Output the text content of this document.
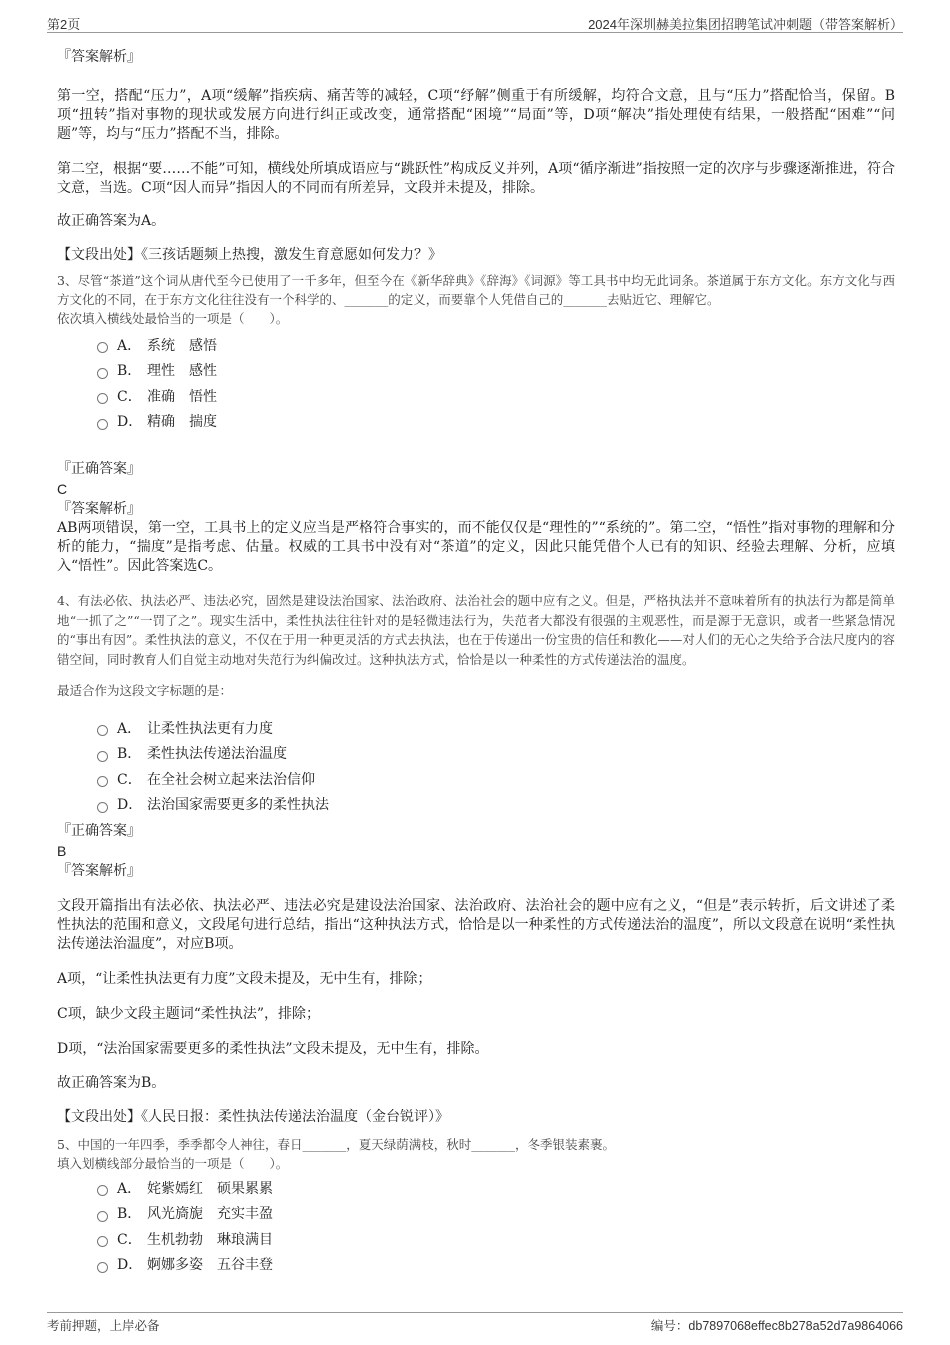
第2页	2024年深圳赫美拉集团招聘笔试冲刺题（带答案解析）
『答案解析』
第一空，搭配“压力”，A项“缓解”指疾病、痛苦等的减轻，C项“纾解”侧重于有所缓解，均符合文意，且与“压力”搭配恰当，保留。B项“扭转”指对事物的现状或发展方向进行纠正或改变，通常搭配“困境”“局面”等，D项“解决”指处理使有结果，一般搭配“困难”“问题”等，均与“压力”搭配不当，排除。
第二空，根据“要……不能”可知，横线处所填成语应与“跳跃性”构成反义并列，A项“循序渐进”指按照一定的次序与步骤逐渐推进，符合文意，当选。C项“因人而异”指因人的不同而有所差异，文段并未提及，排除。
故正确答案为A。
【文段出处】《三孩话题频上热搜，激发生育意愿如何发力？》
3、尽管“茶道”这个词从唐代至今已使用了一千多年，但至今在《新华辞典》《辞海》《词源》等工具书中均无此词条。茶道属于东方文化。东方文化与西方文化的不同，在于东方文化往往没有一个科学的、_______的定义，而要靠个人凭借自己的_______去贴近它、理解它。
依次填入横线处最恰当的一项是（　　）。
A． 系统　感悟
B． 理性　感性
C． 准确　悟性
D． 精确　揣度
『正确答案』
C
『答案解析』
AB两项错误，第一空，工具书上的定义应当是严格符合事实的，而不能仅仅是“理性的”“系统的”。第二空，“悟性”指对事物的理解和分析的能力，“揣度”是指考虑、估量。权威的工具书中没有对“茶道”的定义，因此只能凭借个人已有的知识、经验去理解、分析，应填入“悟性”。因此答案选C。
4、有法必依、执法必严、违法必究，固然是建设法治国家、法治政府、法治社会的题中应有之义。但是，严格执法并不意味着所有的执法行为都是简单地“一抓了之”“一罚了之”。现实生活中，柔性执法往往针对的是轻微违法行为，失范者大都没有很强的主观恶性，而是源于无意识，或者一些紧急情况的“事出有因”。柔性执法的意义，不仅在于用一种更灵活的方式去执法，也在于传递出一份宝贵的信任和教化——对人们的无心之失给予合法尺度内的容错空间，同时教育人们自觉主动地对失范行为纠偏改过。这种执法方式，恰恰是以一种柔性的方式传递法治的温度。
最适合作为这段文字标题的是：
A． 让柔性执法更有力度
B． 柔性执法传递法治温度
C． 在全社会树立起来法治信仰
D． 法治国家需要更多的柔性执法
『正确答案』
B
『答案解析』
文段开篇指出有法必依、执法必严、违法必究是建设法治国家、法治政府、法治社会的题中应有之义，“但是”表示转折，后文讲述了柔性执法的范围和意义，文段尾句进行总结，指出“这种执法方式，恰恰是以一种柔性的方式传递法治的温度”，所以文段意在说明“柔性执法传递法治温度”，对应B项。
A项，“让柔性执法更有力度”文段未提及，无中生有，排除；
C项，缺少文段主题词“柔性执法”，排除；
D项，“法治国家需要更多的柔性执法”文段未提及，无中生有，排除。
故正确答案为B。
【文段出处】《人民日报：柔性执法传递法治温度（金台锐评）》
5、中国的一年四季，季季都令人神往，春日_______，夏天绿荫满枝，秋时_______，冬季银装素裹。
填入划横线部分最恰当的一项是（　　）。
A． 姹紫嫣红　硕果累累
B． 风光旖旎　充实丰盈
C． 生机勃勃　琳琅满目
D． 婀娜多姿　五谷丰登
考前押题，上岸必备	编号：db7897068effec8b278a52d7a9864066
